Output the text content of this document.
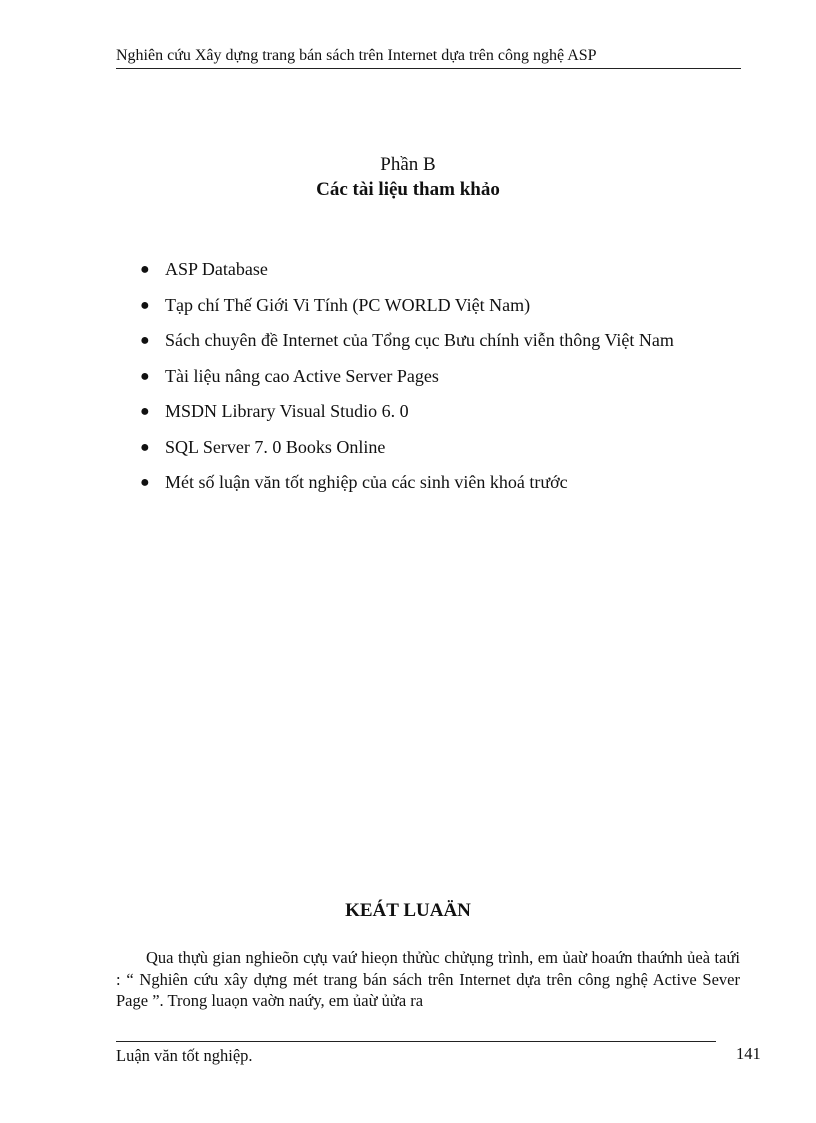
Nghiên cứu Xây dựng trang bán sách trên Internet dựa trên công nghệ ASP
Phần B
Các tài liệu tham khảo
● ASP Database
● Tạp chí Thế Giới Vi Tính (PC WORLD Việt Nam)
● Sách chuyên đề Internet của Tổng cục Bưu chính viễn thông Việt Nam
● Tài liệu nâng cao Active Server Pages
● MSDN Library Visual Studio 6. 0
● SQL Server 7. 0 Books Online
● Mét số luận văn tốt nghiệp của các sinh viên khoá trước
KEÁT LUAÄN

Qua thựù gian nghieõn cựụ vaứ hieọn thửùc chửụng trình, em ủaừ hoaứn thaứnh ủeà taứi : “ Nghiên cứu xây dựng mét trang bán sách trên Internet dựa trên công nghệ Active Sever Page ”. Trong luaọn vaờn naứy, em ủaừ ủửa ra

Luận văn tốt nghiệp.	141
